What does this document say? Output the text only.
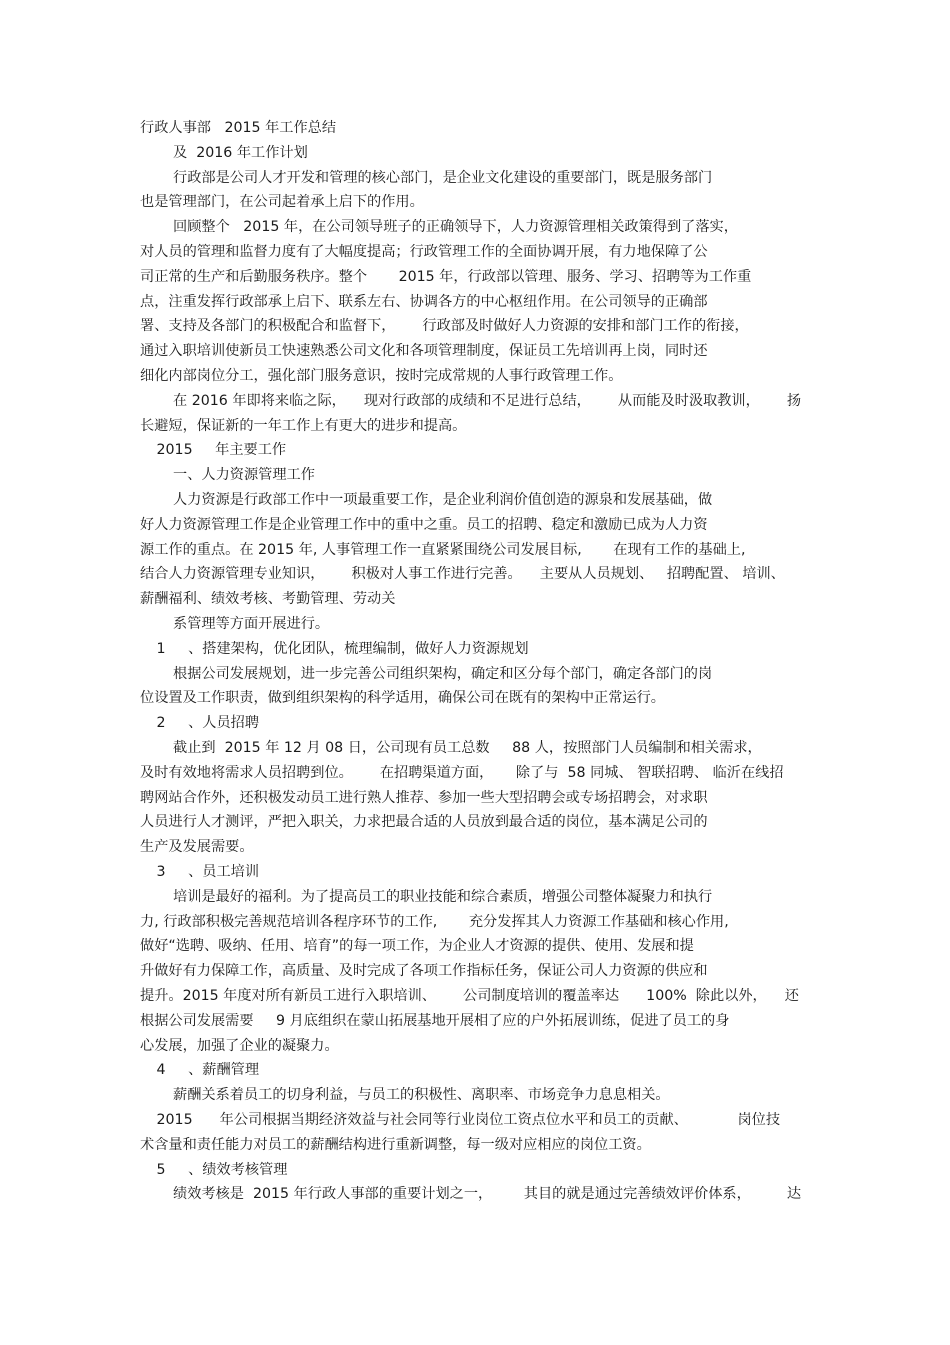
行政人事部   2015 年工作总结
及  2016 年工作计划
行政部是公司人才开发和管理的核心部门，是企业文化建设的重要部门，既是服务部门
也是管理部门，在公司起着承上启下的作用。
回顾整个   2015 年，在公司领导班子的正确领导下，人力资源管理相关政策得到了落实，
对人员的管理和监督力度有了大幅度提高；行政管理工作的全面协调开展，有力地保障了公
司正常的生产和后勤服务秩序。整个       2015 年，行政部以管理、服务、学习、招聘等为工作重
点，注重发挥行政部承上启下、联系左右、协调各方的中心枢纽作用。在公司领导的正确部
署、支持及各部门的积极配合和监督下，      行政部及时做好人力资源的安排和部门工作的衔接，
通过入职培训使新员工快速熟悉公司文化和各项管理制度，保证员工先培训再上岗，同时还
细化内部岗位分工，强化部门服务意识，按时完成常规的人事行政管理工作。
在 2016 年即将来临之际，    现对行政部的成绩和不足进行总结，      从而能及时汲取教训，      扬
长避短，保证新的一年工作上有更大的进步和提高。
2015     年主要工作
一、人力资源管理工作
人力资源是行政部工作中一项最重要工作，是企业利润价值创造的源泉和发展基础，做
好人力资源管理工作是企业管理工作中的重中之重。员工的招聘、稳定和激励已成为人力资
源工作的重点。在 2015 年, 人事管理工作一直紧紧围绕公司发展目标,       在现有工作的基础上,
结合人力资源管理专业知识，      积极对人事工作进行完善。    主要从人员规划、   招聘配置、 培训、
薪酬福利、绩效考核、考勤管理、劳动关
系管理等方面开展进行。
1     、搭建架构，优化团队，梳理编制，做好人力资源规划
根据公司发展规划，进一步完善公司组织架构，确定和区分每个部门，确定各部门的岗
位设置及工作职责，做到组织架构的科学适用，确保公司在既有的架构中正常运行。
2     、人员招聘
截止到  2015 年 12 月 08 日，公司现有员工总数     88 人，按照部门人员编制和相关需求，
及时有效地将需求人员招聘到位。      在招聘渠道方面，     除了与  58 同城、 智联招聘、 临沂在线招
聘网站合作外，还积极发动员工进行熟人推荐、参加一些大型招聘会或专场招聘会，对求职
人员进行人才测评，严把入职关，力求把最合适的人员放到最合适的岗位，基本满足公司的
生产及发展需要。
3     、员工培训
培训是最好的福利。为了提高员工的职业技能和综合素质，增强公司整体凝聚力和执行
力, 行政部积极完善规范培训各程序环节的工作,       充分发挥其人力资源工作基础和核心作用,
做好“选聘、吸纳、任用、培育”的每一项工作，为企业人才资源的提供、使用、发展和提
升做好有力保障工作，高质量、及时完成了各项工作指标任务，保证公司人力资源的供应和
提升。2015 年度对所有新员工进行入职培训、      公司制度培训的覆盖率达      100%  除此以外，    还
根据公司发展需要     9 月底组织在蒙山拓展基地开展相了应的户外拓展训练，促进了员工的身
心发展，加强了企业的凝聚力。
4     、薪酬管理
薪酬关系着员工的切身利益，与员工的积极性、离职率、市场竞争力息息相关。
2015      年公司根据当期经济效益与社会同等行业岗位工资点位水平和员工的贡献、           岗位技
术含量和责任能力对员工的薪酬结构进行重新调整，每一级对应相应的岗位工资。
5     、绩效考核管理
绩效考核是  2015 年行政人事部的重要计划之一，       其目的就是通过完善绩效评价体系，        达
